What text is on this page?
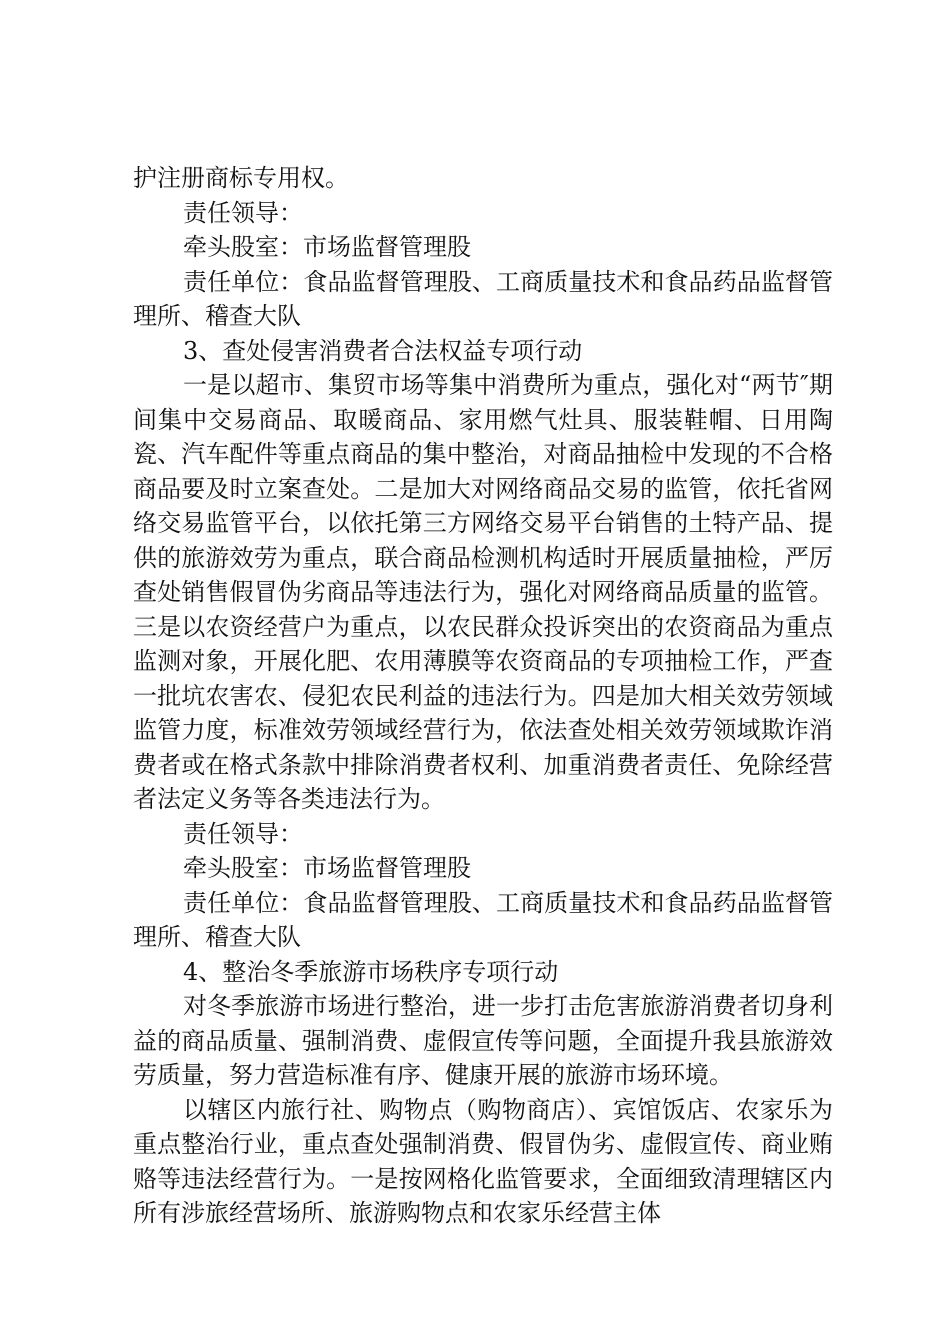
护注册商标专用权。

责任领导：

牵头股室：市场监督管理股

责任单位：食品监督管理股、工商质量技术和食品药品监督管理所、稽查大队

3、查处侵害消费者合法权益专项行动

一是以超市、集贸市场等集中消费所为重点，强化对“两节″期间集中交易商品、取暖商品、家用燃气灶具、服装鞋帽、日用陶瓷、汽车配件等重点商品的集中整治，对商品抽检中发现的不合格商品要及时立案查处。二是加大对网络商品交易的监管，依托省网络交易监管平台，以依托第三方网络交易平台销售的土特产品、提供的旅游效劳为重点，联合商品检测机构适时开展质量抽检，严厉查处销售假冒伪劣商品等违法行为，强化对网络商品质量的监管。三是以农资经营户为重点，以农民群众投诉突出的农资商品为重点监测对象，开展化肥、农用薄膜等农资商品的专项抽检工作，严查一批坑农害农、侵犯农民利益的违法行为。四是加大相关效劳领域监管力度，标准效劳领域经营行为，依法查处相关效劳领域欺诈消费者或在格式条款中排除消费者权利、加重消费者责任、免除经营者法定义务等各类违法行为。

责任领导：

牵头股室：市场监督管理股

责任单位：食品监督管理股、工商质量技术和食品药品监督管理所、稽查大队

4、整治冬季旅游市场秩序专项行动

对冬季旅游市场进行整治，进一步打击危害旅游消费者切身利益的商品质量、强制消费、虚假宣传等问题，全面提升我县旅游效劳质量，努力营造标准有序、健康开展的旅游市场环境。

以辖区内旅行社、购物点（购物商店）、宾馆饭店、农家乐为重点整治行业，重点查处强制消费、假冒伪劣、虚假宣传、商业贿赂等违法经营行为。一是按网格化监管要求，全面细致清理辖区内所有涉旅经营场所、旅游购物点和农家乐经营主体
